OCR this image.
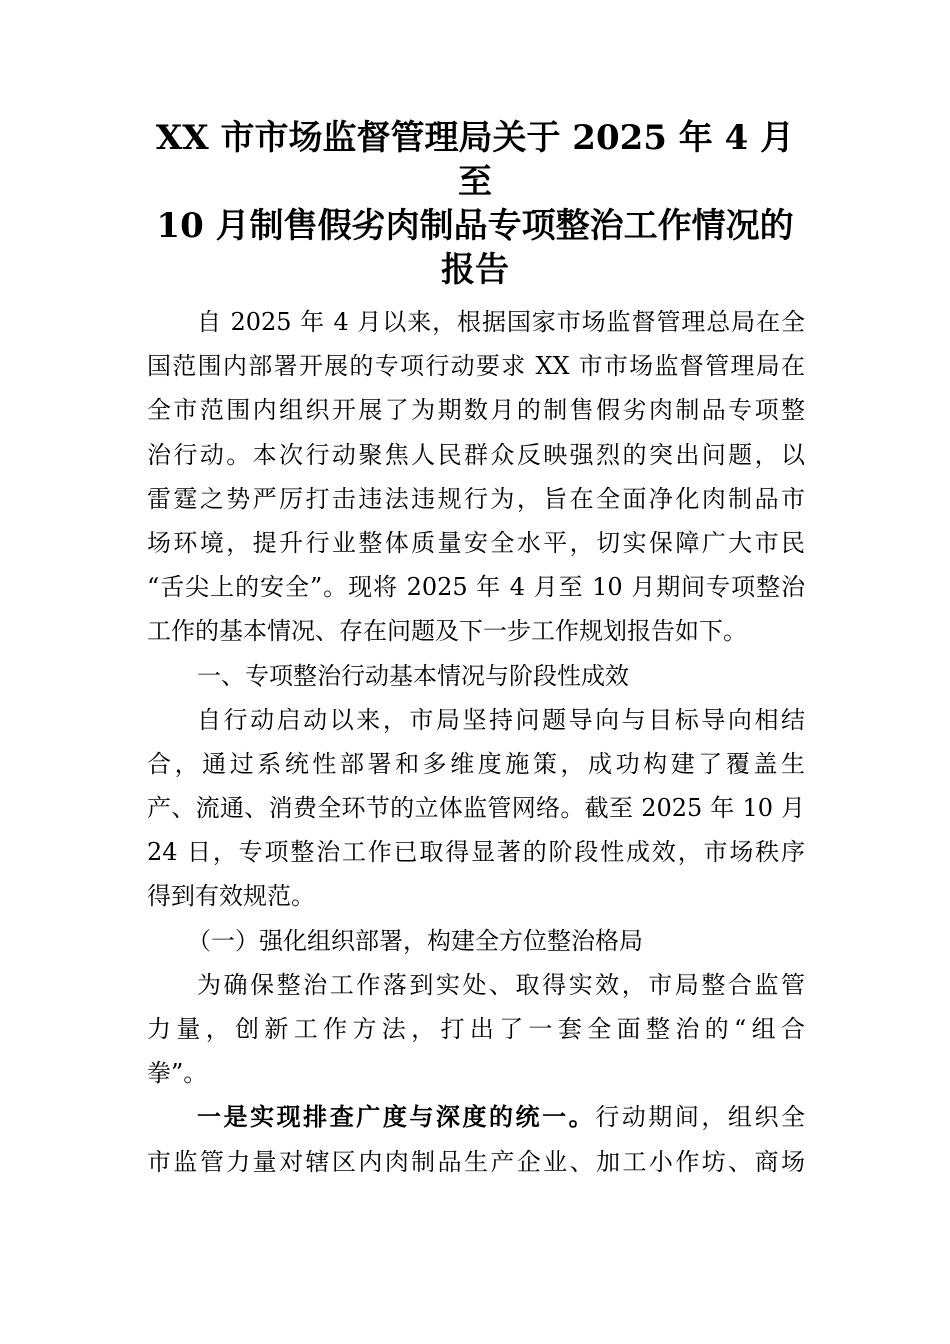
XX 市市场监督管理局关于 2025 年 4 月至
10 月制售假劣肉制品专项整治工作情况的
报告
自 2025 年 4 月以来，根据国家市场监督管理总局在全
国范围内部署开展的专项行动要求 XX 市市场监督管理局在
全市范围内组织开展了为期数月的制售假劣肉制品专项整
治行动。本次行动聚焦人民群众反映强烈的突出问题，以
雷霆之势严厉打击违法违规行为，旨在全面净化肉制品市
场环境，提升行业整体质量安全水平，切实保障广大市民
“舌尖上的安全”。现将 2025 年 4 月至 10 月期间专项整治
工作的基本情况、存在问题及下一步工作规划报告如下。
一、专项整治行动基本情况与阶段性成效
自行动启动以来，市局坚持问题导向与目标导向相结
合，通过系统性部署和多维度施策，成功构建了覆盖生
产、流通、消费全环节的立体监管网络。截至 2025 年 10 月
24 日，专项整治工作已取得显著的阶段性成效，市场秩序
得到有效规范。
（一）强化组织部署，构建全方位整治格局
为确保整治工作落到实处、取得实效，市局整合监管
力量，创新工作方法，打出了一套全面整治的“组合
拳”。
一是实现排查广度与深度的统一。行动期间，组织全
市监管力量对辖区内肉制品生产企业、加工小作坊、商场
